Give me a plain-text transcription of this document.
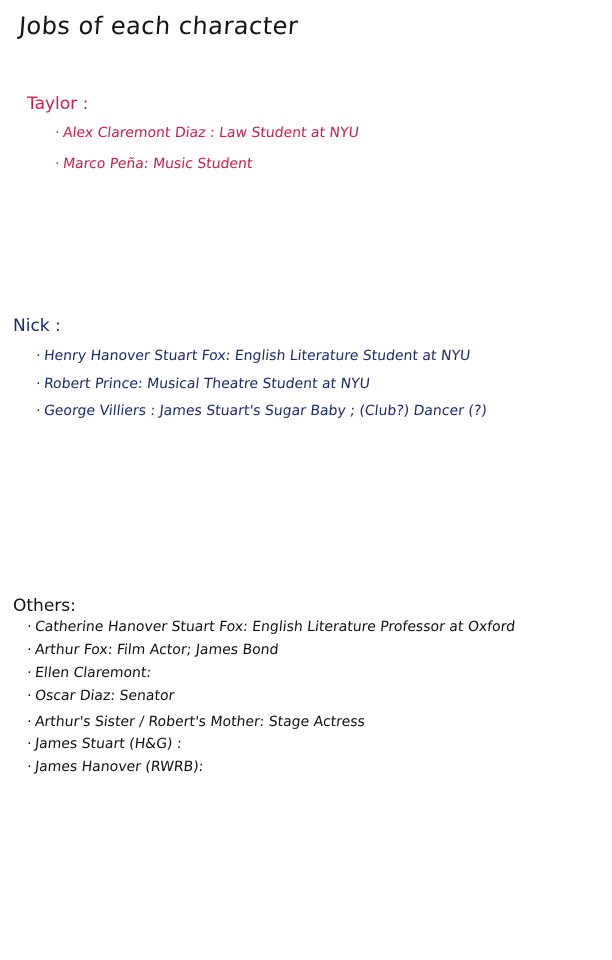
Jobs of each character
Taylor :
· Alex Claremont Diaz : Law Student at NYU
· Marco Peña: Music Student
Nick :
· Henry Hanover Stuart Fox: English Literature Student at NYU
· Robert Prince: Musical Theatre Student at NYU
· George Villiers : James Stuart's Sugar Baby ; (Club?) Dancer (?)
Others:
· Catherine Hanover Stuart Fox: English Literature Professor at Oxford
· Arthur Fox: Film Actor; James Bond
· Ellen Claremont:
· Oscar Diaz: Senator
· Arthur's Sister / Robert's Mother: Stage Actress
· James Stuart (H&G) :
· James Hanover (RWRB):
